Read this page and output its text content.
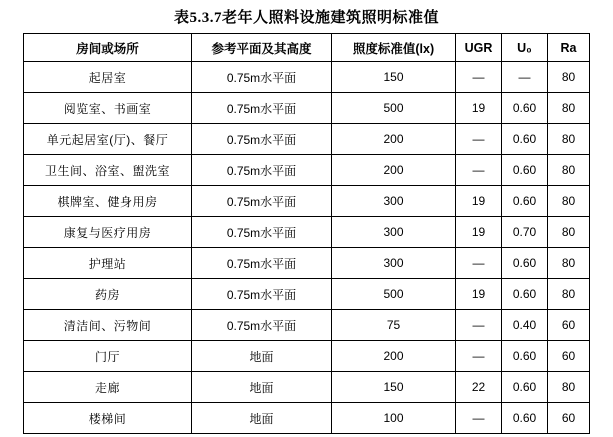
表5.3.7老年人照料设施建筑照明标准值
房间或场所	参考平面及其高度	照度标准值(lx)	UGR	U₀	Ra
起居室	0.75m水平面	150	—	—	80
阅览室、书画室	0.75m水平面	500	19	0.60	80
单元起居室(厅)、餐厅	0.75m水平面	200	—	0.60	80
卫生间、浴室、盥洗室	0.75m水平面	200	—	0.60	80
棋牌室、健身用房	0.75m水平面	300	19	0.60	80
康复与医疗用房	0.75m水平面	300	19	0.70	80
护理站	0.75m水平面	300	—	0.60	80
药房	0.75m水平面	500	19	0.60	80
清洁间、污物间	0.75m水平面	75	—	0.40	60
门厅	地面	200	—	0.60	60
走廊	地面	150	22	0.60	80
楼梯间	地面	100	—	0.60	60
